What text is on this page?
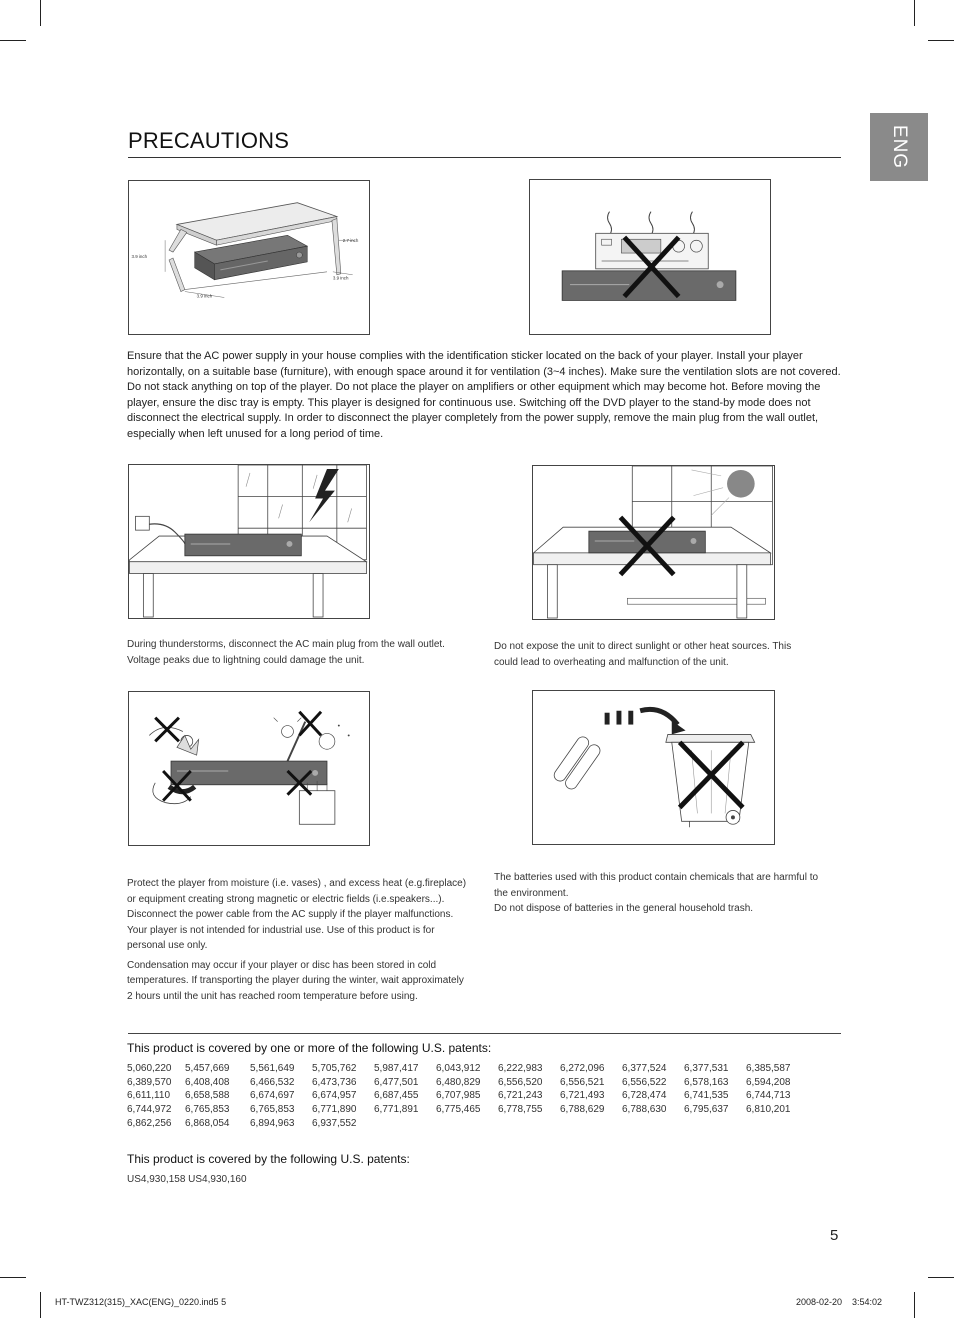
PRECAUTIONS	ENG
3.9 inch
2.7 inch
3.9 inch
3.9 inch

Ensure that the AC power supply in your house complies with the identification sticker located on the back of your player. Install your player horizontally, on a suitable base (furniture), with enough space around it for ventilation (3~4 inches). Make sure the ventilation slots are not covered. Do not stack anything on top of the player. Do not place the player on amplifiers or other equipment which may become hot. Before moving the player, ensure the disc tray is empty. This player is designed for continuous use. Switching off the DVD player to the stand-by mode does not disconnect the electrical supply. In order to disconnect the player completely from the power supply, remove the main plug from the wall outlet, especially when left unused for a long period of time.

During thunderstorms, disconnect the AC main plug from the wall outlet. Voltage peaks due to lightning could damage the unit.

Do not expose the unit to direct sunlight or other heat sources. This could lead to overheating and malfunction of the unit.

Protect the player from moisture (i.e. vases) , and excess heat (e.g.fireplace) or equipment creating strong magnetic or electric fields (i.e.speakers...). Disconnect the power cable from the AC supply if the player malfunctions. Your player is not intended for industrial use. Use of this product is for personal use only.

Condensation may occur if your player or disc has been stored in cold temperatures. If transporting the player during the winter, wait approximately 2 hours until the unit has reached room temperature before using.

The batteries used with this product contain chemicals that are harmful to the environment.

Do not dispose of batteries in the general household trash.

This product is covered by one or more of the following U.S. patents:
5,060,220	5,457,669	5,561,649	5,705,762	5,987,417	6,043,912	6,222,983	6,272,096	6,377,524	6,377,531	6,385,587
6,389,570	6,408,408	6,466,532	6,473,736	6,477,501	6,480,829	6,556,520	6,556,521	6,556,522	6,578,163	6,594,208
6,611,110	6,658,588	6,674,697	6,674,957	6,687,455	6,707,985	6,721,243	6,721,493	6,728,474	6,741,535	6,744,713
6,744,972	6,765,853	6,765,853	6,771,890	6,771,891	6,775,465	6,778,755	6,788,629	6,788,630	6,795,637	6,810,201
6,862,256	6,868,054	6,894,963	6,937,552
This product is covered by the following U.S. patents:
US4,930,158 US4,930,160
5
HT-TWZ312(315)_XAC(ENG)_0220.ind5 5	2008-02-20    3:54:02
